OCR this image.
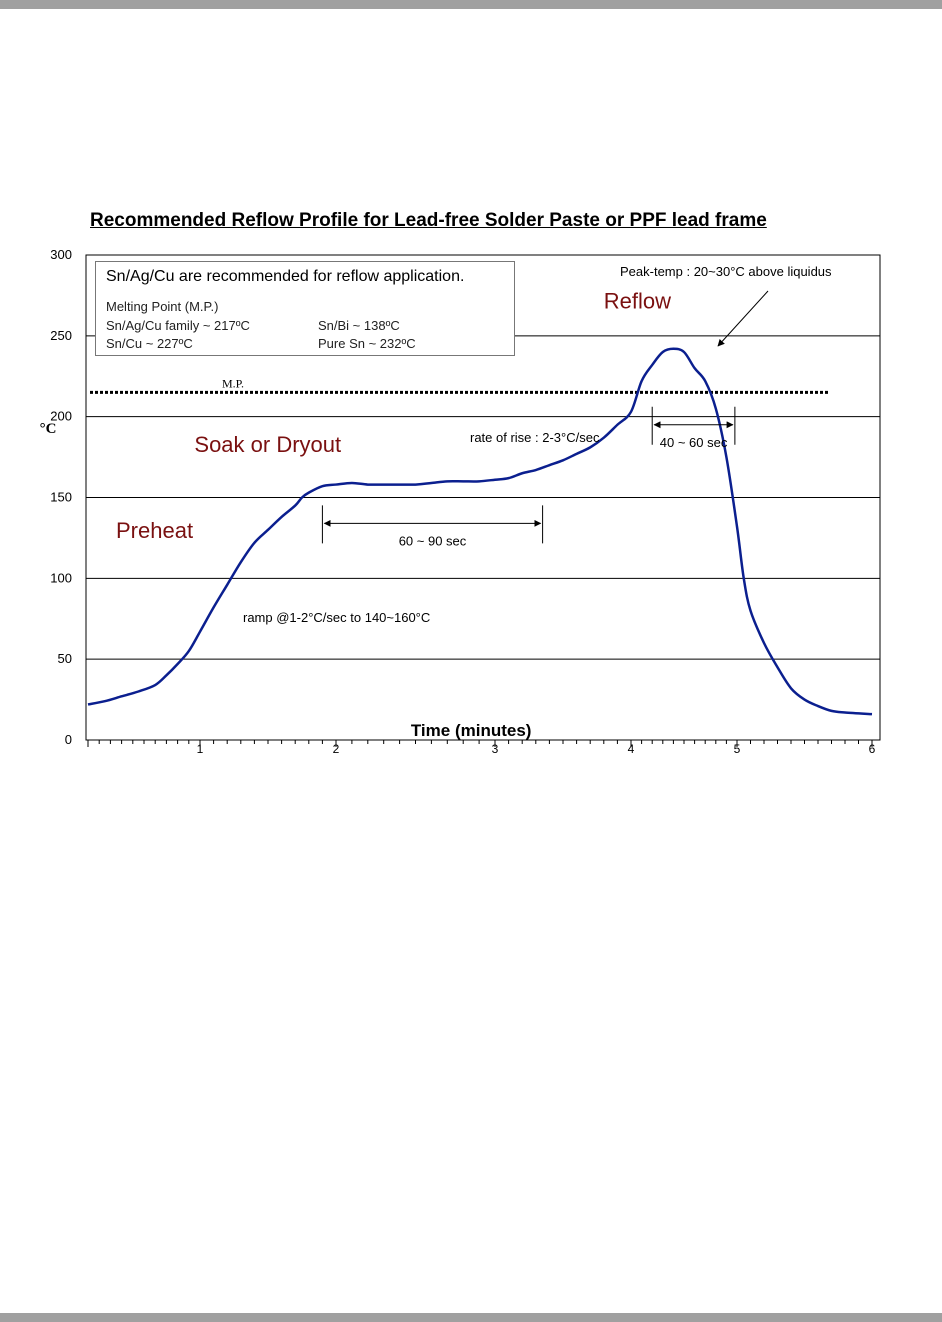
Recommended Reflow Profile for Lead-free Solder Paste or PPF lead frame
0
50
100
150
200
250
300
1	2	3	4	5	6
°C
Time (minutes)
M.P.
Reflow
Soak or Dryout
Preheat
Peak-temp : 20~30°C above liquidus
rate of rise : 2-3°C/sec
ramp @1-2°C/sec to 140~160°C
60 ~ 90 sec
40 ~ 60 sec
Sn/Ag/Cu are recommended for reflow application.
Melting Point (M.P.)
Sn/Ag/Cu family ~ 217ºC	Sn/Bi ~ 138ºC
Sn/Cu ~ 227ºC	Pure Sn ~ 232ºC
